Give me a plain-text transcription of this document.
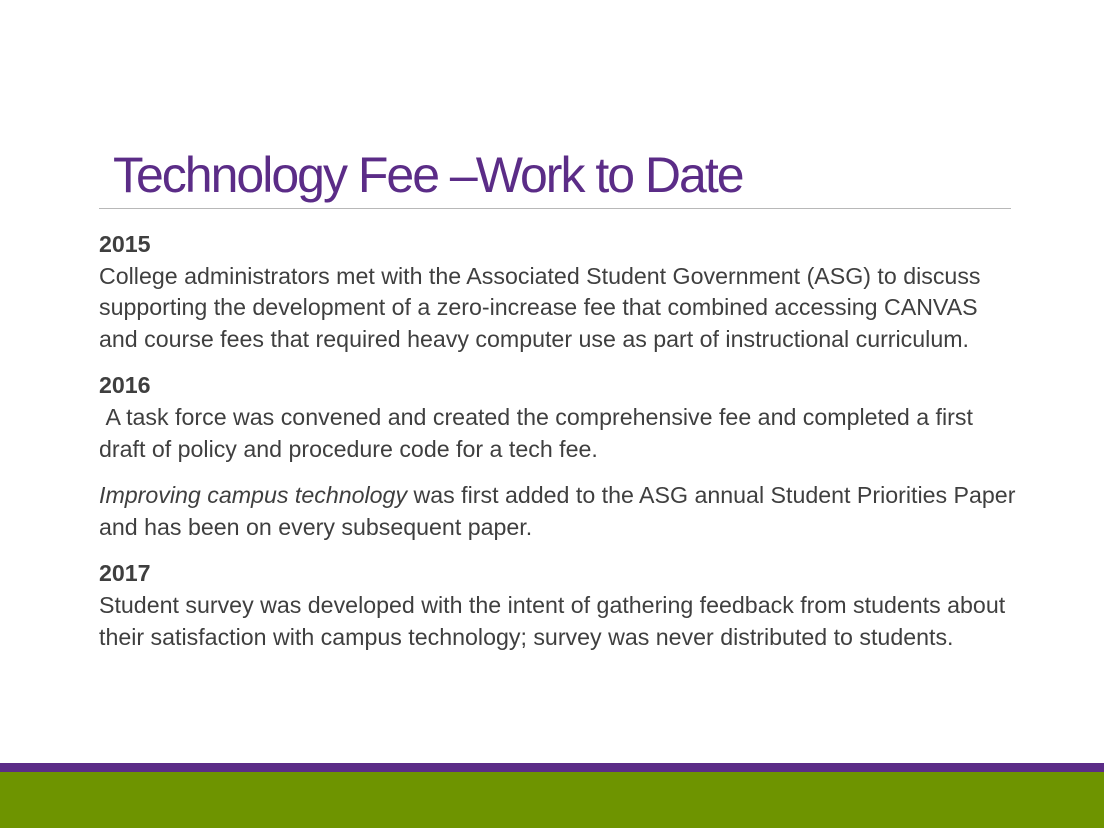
Technology Fee –Work to Date
2015
College administrators met with the Associated Student Government (ASG) to discuss supporting the development of a zero-increase fee that combined accessing CANVAS and course fees that required heavy computer use as part of instructional curriculum.
2016
A task force was convened and created the comprehensive fee and completed a first draft of policy and procedure code for a tech fee.
Improving campus technology was first added to the ASG annual Student Priorities Paper and has been on every subsequent paper.
2017
Student survey was developed with the intent of gathering feedback from students about their satisfaction with campus technology; survey was never distributed to students.
